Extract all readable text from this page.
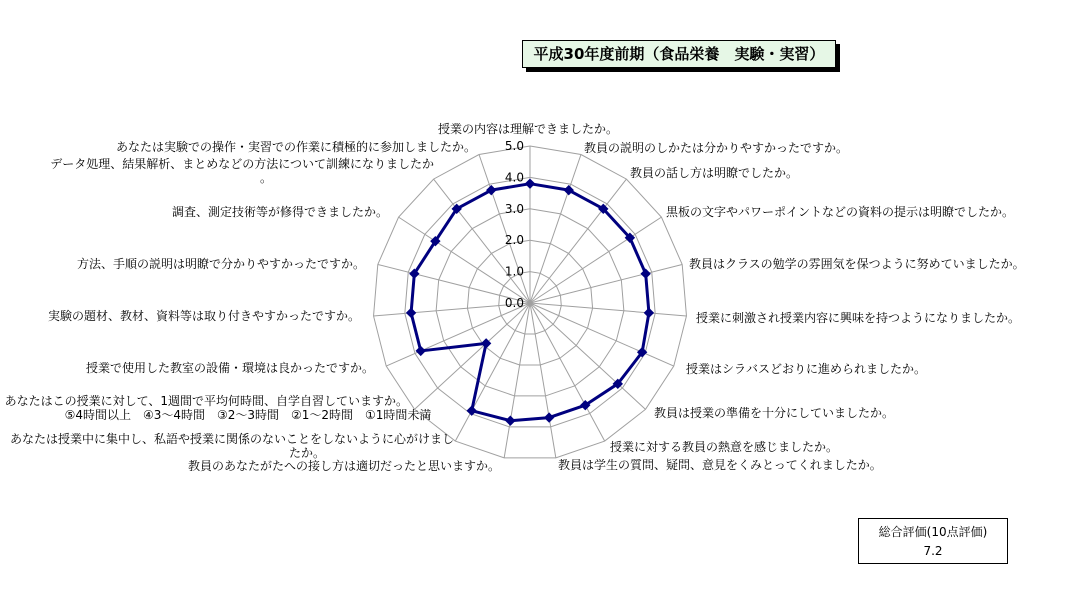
平成30年度前期（食品栄養　実験・実習）
0.0
1.0
2.0
3.0
4.0
5.0
授業の内容は理解できましたか。
教員の説明のしかたは分かりやすかったですか。
教員の話し方は明瞭でしたか。
黒板の文字やパワーポイントなどの資料の提示は明瞭でしたか。
教員はクラスの勉学の雰囲気を保つように努めていましたか。
授業に刺激され授業内容に興味を持つようになりましたか。
授業はシラバスどおりに進められましたか。
教員は授業の準備を十分にしていましたか。
授業に対する教員の熱意を感じましたか。
教員は学生の質問、疑問、意見をくみとってくれましたか。
教員のあなたがたへの接し方は適切だったと思いますか。
あなたは授業中に集中し、私語や授業に関係のないことをしないように心がけましたか。
あなたはこの授業に対して、1週間で平均何時間、自学自習していますか。 ⑤4時間以上　④3～4時間　③2～3時間　②1～2時間　①1時間未満
授業で使用した教室の設備・環境は良かったですか。
実験の題材、教材、資料等は取り付きやすかったですか。
方法、手順の説明は明瞭で分かりやすかったですか。
調査、測定技術等が修得できましたか。
データ処理、結果解析、まとめなどの方法について訓練になりましたか。
あなたは実験での操作・実習での作業に積極的に参加しましたか。
総合評価(10点評価)
7.2
